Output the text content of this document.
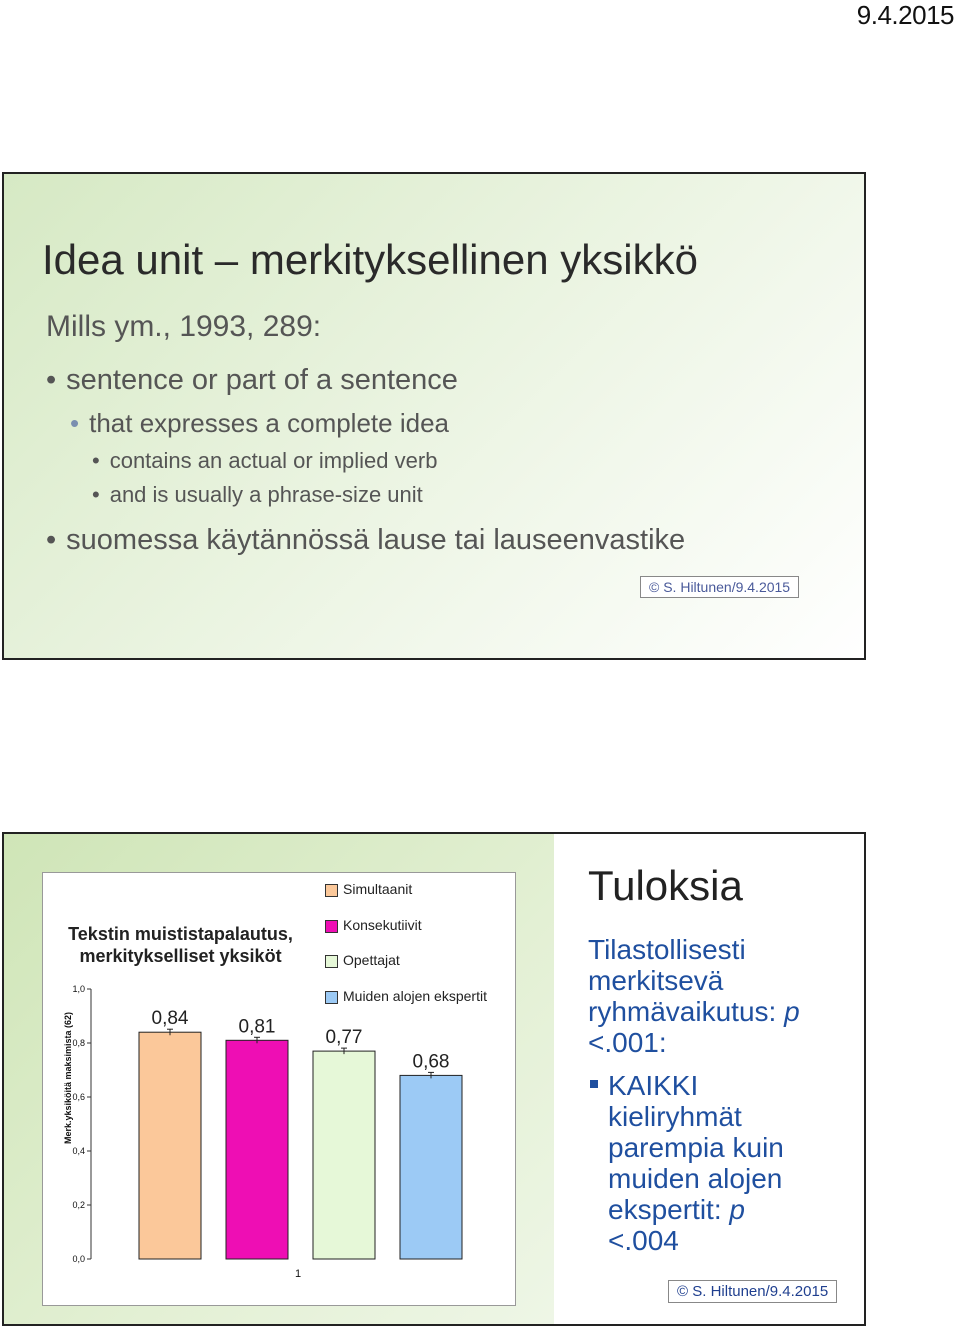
9.4.2015
Idea unit – merkityksellinen yksikkö
Mills ym., 1993, 289:
• sentence or part of a sentence
• that expresses a complete idea
• contains an actual or implied verb
• and is usually a phrase-size unit
• suomessa käytännössä lause tai lauseenvastike
© S. Hiltunen/9.4.2015
Tekstin muististapalautus,
merkitykselliset yksiköt
Merk.yksiköitä maksimista (62)
0,0
0,2
0,4
0,6
0,8
1,0
0,84	0,81
0,77
0,68
1
Simultaanit
Konsekutiivit
Opettajat
Muiden alojen ekspertit
Tuloksia
Tilastollisesti
merkitsevä
ryhmävaikutus: p
<.001:
KAIKKI
kieliryhmät
parempia kuin
muiden alojen
ekspertit: p
<.004
© S. Hiltunen/9.4.2015
